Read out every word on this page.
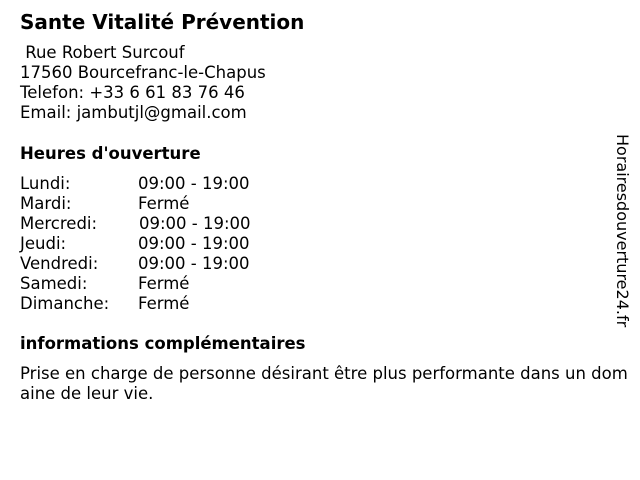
Sante Vitalité Prévention
Rue Robert Surcouf
17560 Bourcefranc-le-Chapus
Telefon: +33 6 61 83 76 46
Email: jambutjl@gmail.com
Heures d'ouverture
Lundi:	09:00 - 19:00
Mardi:	Fermé
Mercredi:	09:00 - 19:00
Jeudi:	09:00 - 19:00
Vendredi: 09:00 - 19:00
Samedi:	Fermé
Dimanche: Fermé
informations complémentaires
Prise en charge de personne désirant être plus performante dans un domaine de leur vie.
Horairesdouverture24.fr
